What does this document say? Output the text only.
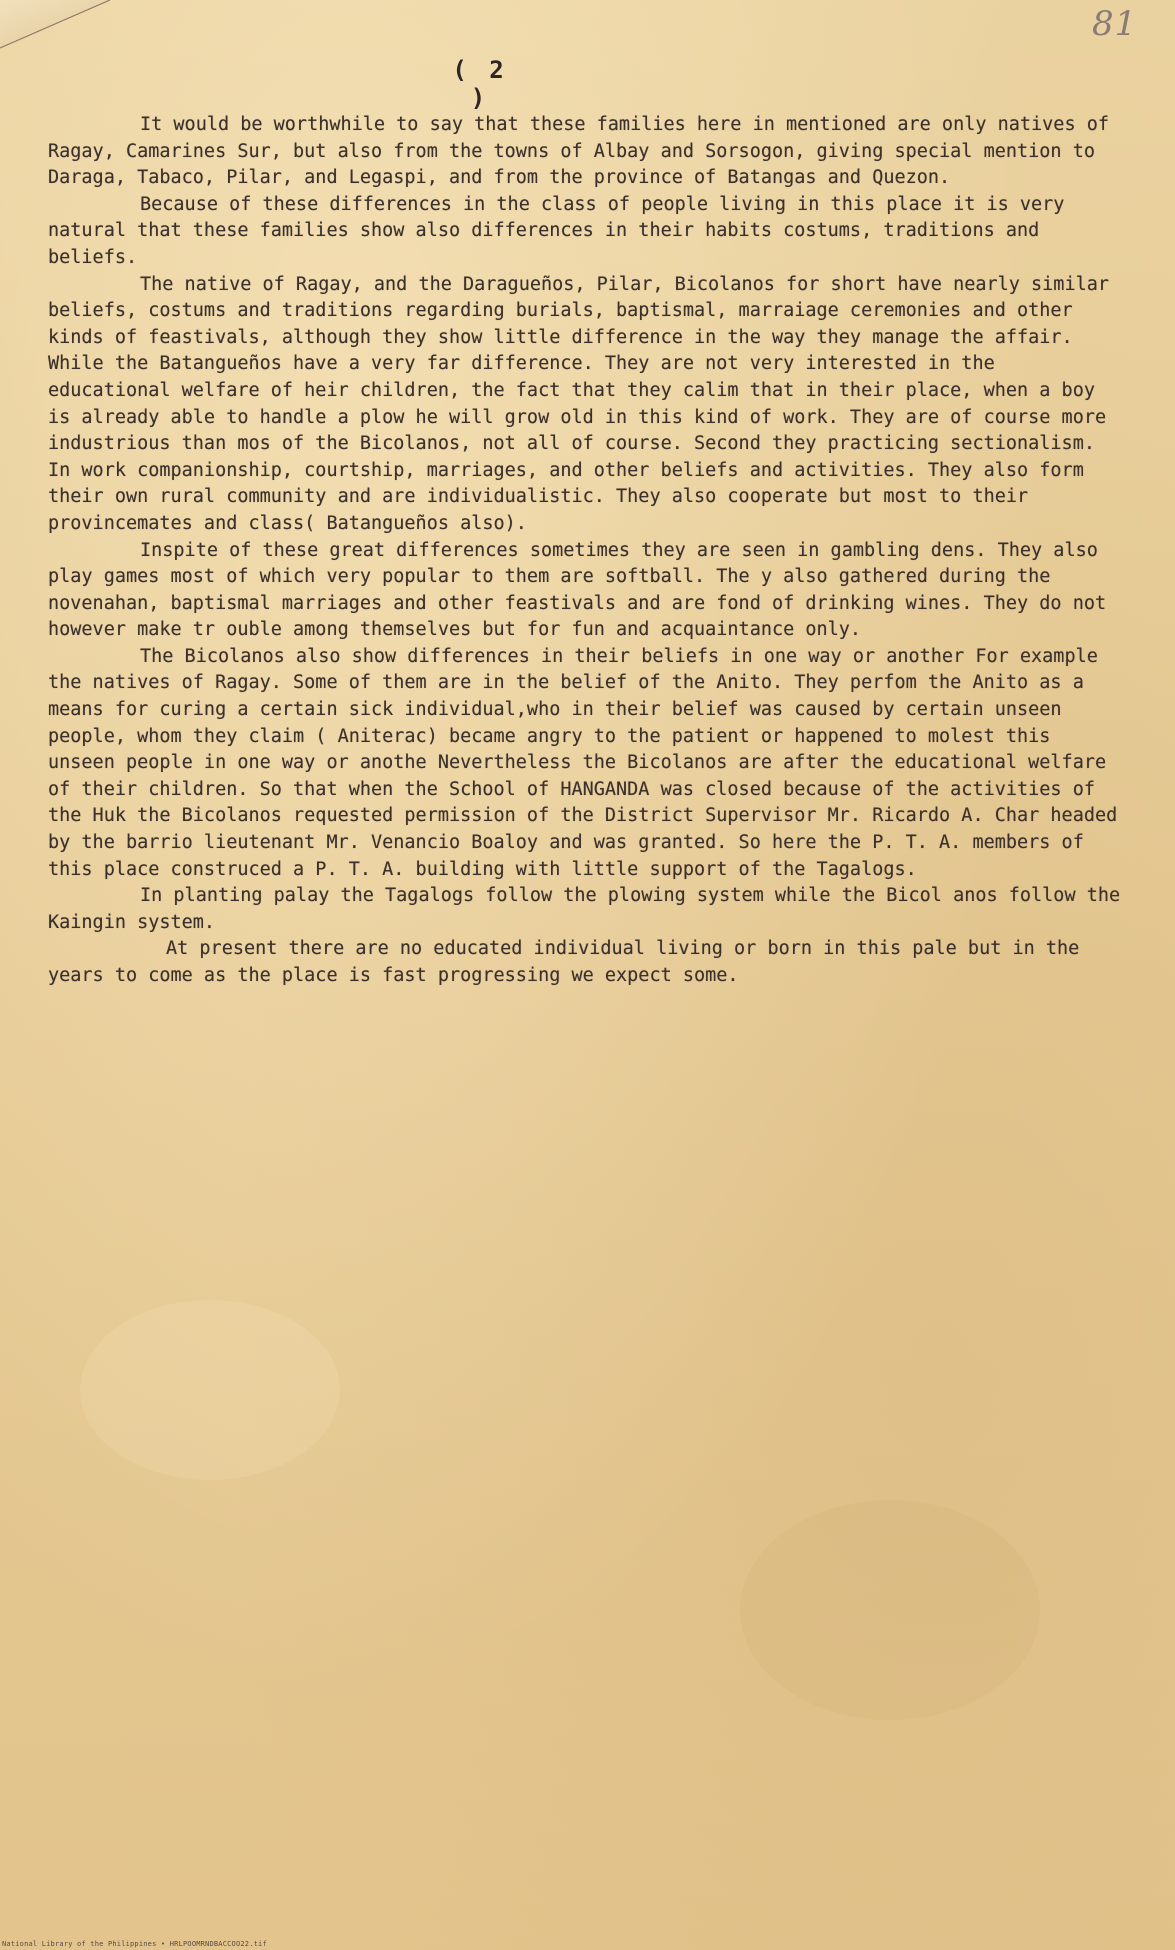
81
( 2 )

It would be worthwhile to say that these families here in mentioned are only natives of Ragay, Camarines Sur, but also from the towns of Albay and Sorsogon, giving special mention to Daraga, Tabaco, Pilar, and Legaspi, and from the province of Batangas and Quezon.

Because of these differences in the class of people living in this place it is very natural that these families show also differences in their habits costums, traditions and beliefs.

The native of Ragay, and the Daragueños, Pilar, Bicolanos for short have nearly similar beliefs, costums and traditions regarding burials, baptismal, marraiage ceremonies and other kinds of feastivals, although they show little difference in the way they manage the affair. While the Batangueños have a very far difference. They are not very interested in the educational welfare of heir children, the fact that they calim that in their place, when a boy is already able to handle a plow he will grow old in this kind of work. They are of course more industrious than mos of the Bicolanos, not all of course. Second they practicing sectionalism. In work companionship, courtship, marriages, and other beliefs and activities. They also form their own rural community and are individualistic. They also cooperate but most to their provincemates and class( Batangueños also).

Inspite of these great differences sometimes they are seen in gambling dens. They also play games most of which very popular to them are softball. The y also gathered during the novenahan, baptismal marriages and other feastivals and are fond of drinking wines. They do not however make tr ouble among themselves but for fun and acquaintance only.

The Bicolanos also show differences in their beliefs in one way or another For example the natives of Ragay. Some of them are in the belief of the Anito. They perfom the Anito as a means for curing a certain sick individual,who in their belief was caused by certain unseen people, whom they claim ( Aniterac) became angry to the patient or happened to molest this unseen people in one way or anothe Nevertheless the Bicolanos are after the educational welfare of their children. So that when the School of HANGANDA was closed because of the activities of the Huk the Bicolanos requested permission of the District Supervisor Mr. Ricardo A. Char headed by the barrio lieutenant Mr. Venancio Boaloy and was granted. So here the P. T. A. members of this place construced a P. T. A. building with little support of the Tagalogs.

In planting palay the Tagalogs follow the plowing system while the Bicol anos follow the Kaingin system.

At present there are no educated individual living or born in this pale but in the years to come as the place is fast progressing we expect some.

National Library of the Philippines • HRLPOOMRNDBACCOO22.tif
